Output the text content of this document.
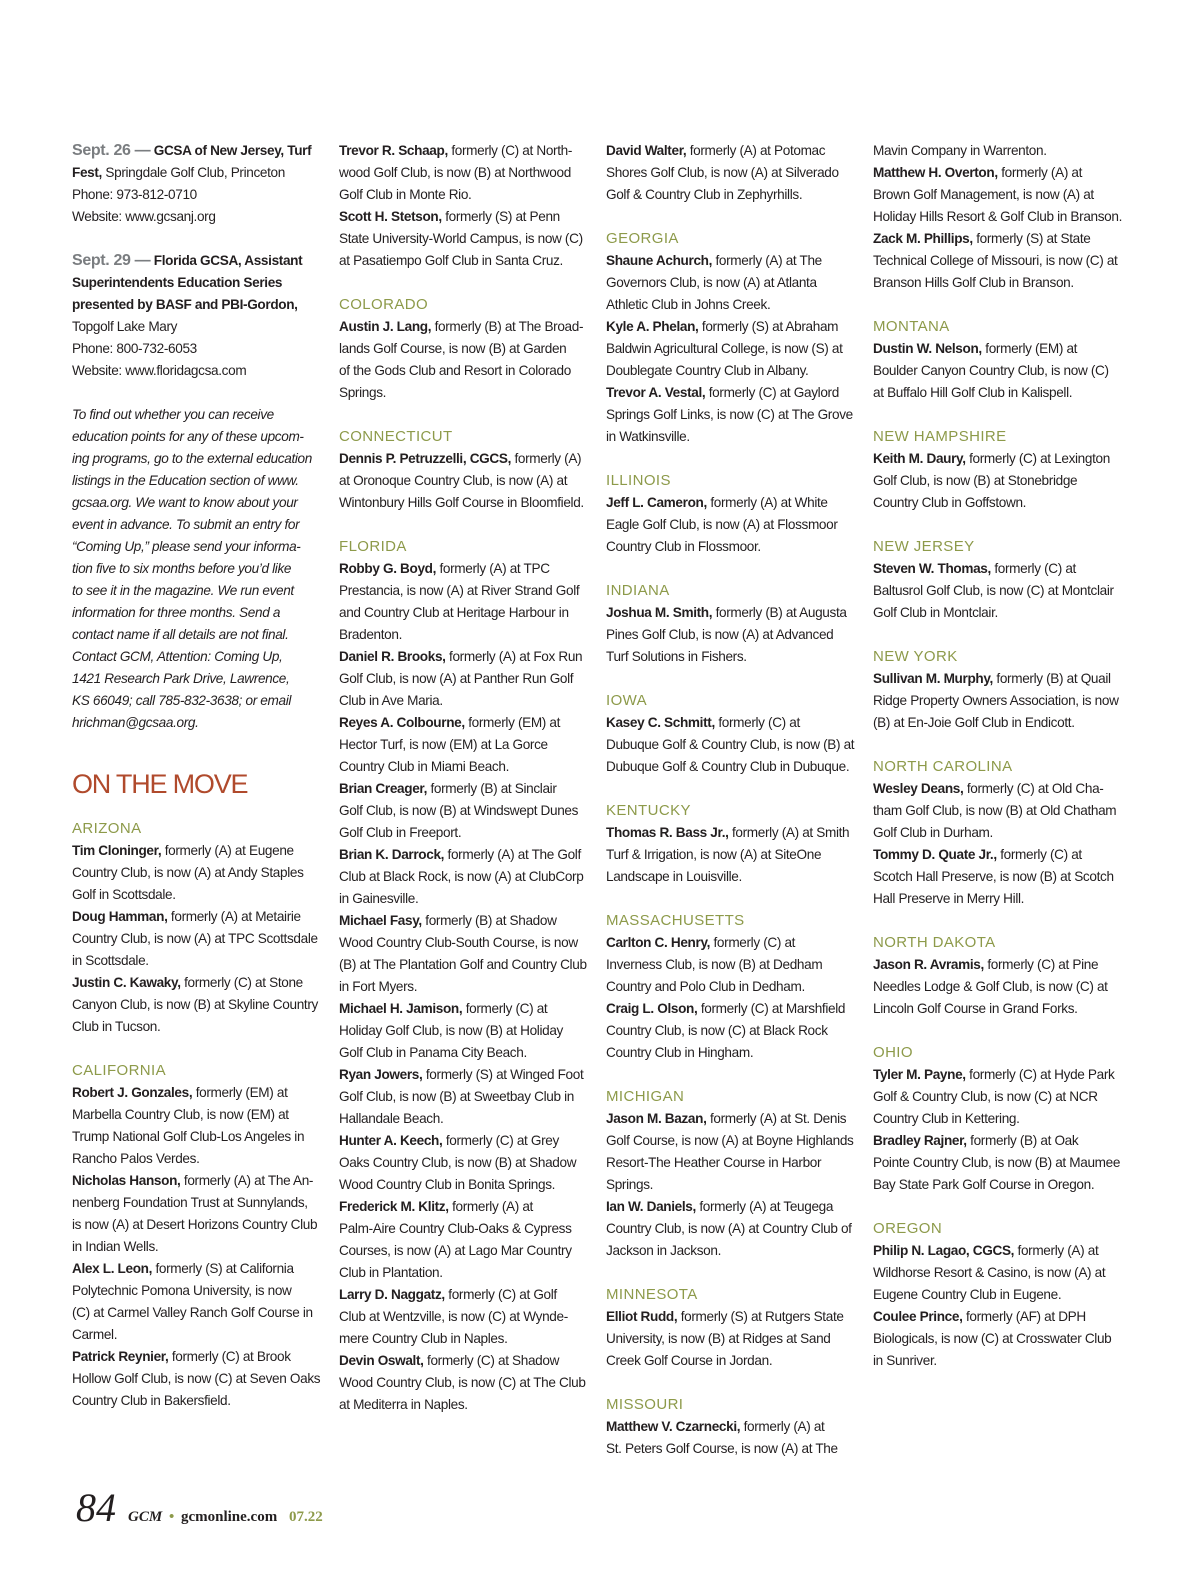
Sept. 26 — GCSA of New Jersey, Turf
Fest, Springdale Golf Club, Princeton
Phone: 973-812-0710
Website: www.gcsanj.org
Sept. 29 — Florida GCSA, Assistant
Superintendents Education Series
presented by BASF and PBI-Gordon,
Topgolf Lake Mary
Phone: 800-732-6053
Website: www.floridagcsa.com
To find out whether you can receive
education points for any of these upcom-
ing programs, go to the external education
listings in the Education section of www.
gcsaa.org. We want to know about your
event in advance. To submit an entry for
“Coming Up,” please send your informa-
tion five to six months before you’d like
to see it in the magazine. We run event
information for three months. Send a
contact name if all details are not final.
Contact GCM, Attention: Coming Up,
1421 Research Park Drive, Lawrence,
KS 66049; call 785-832-3638; or email
hrichman@gcsaa.org.
ON THE MOVE
ARIZONA
Tim Cloninger, formerly (A) at Eugene
Country Club, is now (A) at Andy Staples
Golf in Scottsdale.
Doug Hamman, formerly (A) at Metairie
Country Club, is now (A) at TPC Scottsdale
in Scottsdale.
Justin C. Kawaky, formerly (C) at Stone
Canyon Club, is now (B) at Skyline Country
Club in Tucson.
CALIFORNIA
Robert J. Gonzales, formerly (EM) at
Marbella Country Club, is now (EM) at
Trump National Golf Club-Los Angeles in
Rancho Palos Verdes.
Nicholas Hanson, formerly (A) at The An-
nenberg Foundation Trust at Sunnylands,
is now (A) at Desert Horizons Country Club
in Indian Wells.
Alex L. Leon, formerly (S) at California
Polytechnic Pomona University, is now
(C) at Carmel Valley Ranch Golf Course in
Carmel.
Patrick Reynier, formerly (C) at Brook
Hollow Golf Club, is now (C) at Seven Oaks
Country Club in Bakersfield.
Trevor R. Schaap, formerly (C) at North-
wood Golf Club, is now (B) at Northwood
Golf Club in Monte Rio.
Scott H. Stetson, formerly (S) at Penn
State University-World Campus, is now (C)
at Pasatiempo Golf Club in Santa Cruz.
COLORADO
Austin J. Lang, formerly (B) at The Broad-
lands Golf Course, is now (B) at Garden
of the Gods Club and Resort in Colorado
Springs.
CONNECTICUT
Dennis P. Petruzzelli, CGCS, formerly (A)
at Oronoque Country Club, is now (A) at
Wintonbury Hills Golf Course in Bloomfield.
FLORIDA
Robby G. Boyd, formerly (A) at TPC
Prestancia, is now (A) at River Strand Golf
and Country Club at Heritage Harbour in
Bradenton.
Daniel R. Brooks, formerly (A) at Fox Run
Golf Club, is now (A) at Panther Run Golf
Club in Ave Maria.
Reyes A. Colbourne, formerly (EM) at
Hector Turf, is now (EM) at La Gorce
Country Club in Miami Beach.
Brian Creager, formerly (B) at Sinclair
Golf Club, is now (B) at Windswept Dunes
Golf Club in Freeport.
Brian K. Darrock, formerly (A) at The Golf
Club at Black Rock, is now (A) at ClubCorp
in Gainesville.
Michael Fasy, formerly (B) at Shadow
Wood Country Club-South Course, is now
(B) at The Plantation Golf and Country Club
in Fort Myers.
Michael H. Jamison, formerly (C) at
Holiday Golf Club, is now (B) at Holiday
Golf Club in Panama City Beach.
Ryan Jowers, formerly (S) at Winged Foot
Golf Club, is now (B) at Sweetbay Club in
Hallandale Beach.
Hunter A. Keech, formerly (C) at Grey
Oaks Country Club, is now (B) at Shadow
Wood Country Club in Bonita Springs.
Frederick M. Klitz, formerly (A) at
Palm-Aire Country Club-Oaks & Cypress
Courses, is now (A) at Lago Mar Country
Club in Plantation.
Larry D. Naggatz, formerly (C) at Golf
Club at Wentzville, is now (C) at Wynde-
mere Country Club in Naples.
Devin Oswalt, formerly (C) at Shadow
Wood Country Club, is now (C) at The Club
at Mediterra in Naples.
David Walter, formerly (A) at Potomac
Shores Golf Club, is now (A) at Silverado
Golf & Country Club in Zephyrhills.
GEORGIA
Shaune Achurch, formerly (A) at The
Governors Club, is now (A) at Atlanta
Athletic Club in Johns Creek.
Kyle A. Phelan, formerly (S) at Abraham
Baldwin Agricultural College, is now (S) at
Doublegate Country Club in Albany.
Trevor A. Vestal, formerly (C) at Gaylord
Springs Golf Links, is now (C) at The Grove
in Watkinsville.
ILLINOIS
Jeff L. Cameron, formerly (A) at White
Eagle Golf Club, is now (A) at Flossmoor
Country Club in Flossmoor.
INDIANA
Joshua M. Smith, formerly (B) at Augusta
Pines Golf Club, is now (A) at Advanced
Turf Solutions in Fishers.
IOWA
Kasey C. Schmitt, formerly (C) at
Dubuque Golf & Country Club, is now (B) at
Dubuque Golf & Country Club in Dubuque.
KENTUCKY
Thomas R. Bass Jr., formerly (A) at Smith
Turf & Irrigation, is now (A) at SiteOne
Landscape in Louisville.
MASSACHUSETTS
Carlton C. Henry, formerly (C) at
Inverness Club, is now (B) at Dedham
Country and Polo Club in Dedham.
Craig L. Olson, formerly (C) at Marshfield
Country Club, is now (C) at Black Rock
Country Club in Hingham.
MICHIGAN
Jason M. Bazan, formerly (A) at St. Denis
Golf Course, is now (A) at Boyne Highlands
Resort-The Heather Course in Harbor
Springs.
Ian W. Daniels, formerly (A) at Teugega
Country Club, is now (A) at Country Club of
Jackson in Jackson.
MINNESOTA
Elliot Rudd, formerly (S) at Rutgers State
University, is now (B) at Ridges at Sand
Creek Golf Course in Jordan.
MISSOURI
Matthew V. Czarnecki, formerly (A) at
St. Peters Golf Course, is now (A) at The
Mavin Company in Warrenton.
Matthew H. Overton, formerly (A) at
Brown Golf Management, is now (A) at
Holiday Hills Resort & Golf Club in Branson.
Zack M. Phillips, formerly (S) at State
Technical College of Missouri, is now (C) at
Branson Hills Golf Club in Branson.
MONTANA
Dustin W. Nelson, formerly (EM) at
Boulder Canyon Country Club, is now (C)
at Buffalo Hill Golf Club in Kalispell.
NEW HAMPSHIRE
Keith M. Daury, formerly (C) at Lexington
Golf Club, is now (B) at Stonebridge
Country Club in Goffstown.
NEW JERSEY
Steven W. Thomas, formerly (C) at
Baltusrol Golf Club, is now (C) at Montclair
Golf Club in Montclair.
NEW YORK
Sullivan M. Murphy, formerly (B) at Quail
Ridge Property Owners Association, is now
(B) at En-Joie Golf Club in Endicott.
NORTH CAROLINA
Wesley Deans, formerly (C) at Old Cha-
tham Golf Club, is now (B) at Old Chatham
Golf Club in Durham.
Tommy D. Quate Jr., formerly (C) at
Scotch Hall Preserve, is now (B) at Scotch
Hall Preserve in Merry Hill.
NORTH DAKOTA
Jason R. Avramis, formerly (C) at Pine
Needles Lodge & Golf Club, is now (C) at
Lincoln Golf Course in Grand Forks.
OHIO
Tyler M. Payne, formerly (C) at Hyde Park
Golf & Country Club, is now (C) at NCR
Country Club in Kettering.
Bradley Rajner, formerly (B) at Oak
Pointe Country Club, is now (B) at Maumee
Bay State Park Golf Course in Oregon.
OREGON
Philip N. Lagao, CGCS, formerly (A) at
Wildhorse Resort & Casino, is now (A) at
Eugene Country Club in Eugene.
Coulee Prince, formerly (AF) at DPH
Biologicals, is now (C) at Crosswater Club
in Sunriver.
84 GCM • gcmonline.com 07.22
